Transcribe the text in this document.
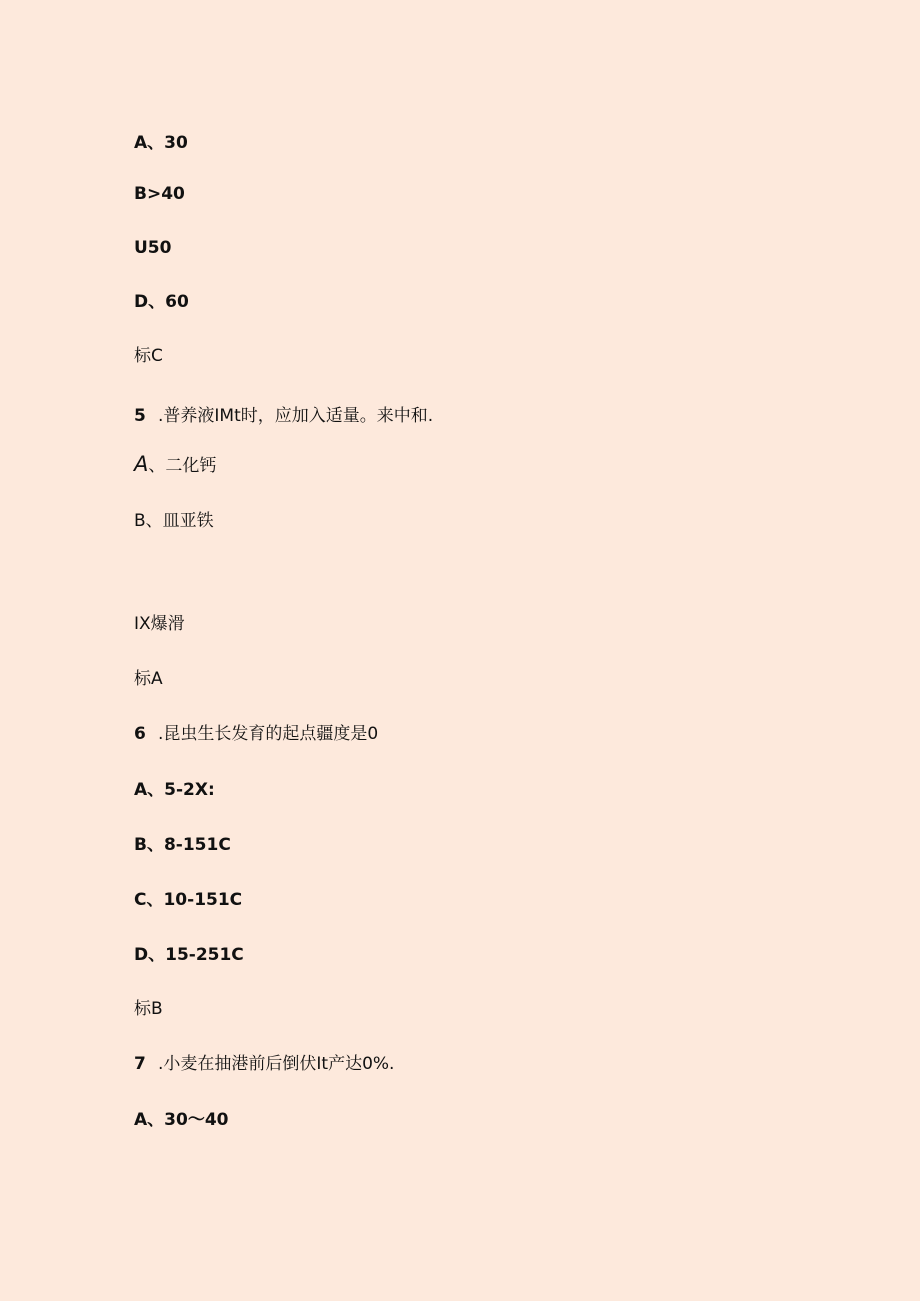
A、30
B>40
U50
D、60
标C
5 .普养液IMt时，应加入适量。来中和.
A、二化钙
B、皿亚铁
IX爆滑
标A
6 .昆虫生长发育的起点疆度是0
A、5-2X:
B、8-151C
C、10-151C
D、15-251C
标B
7 .小麦在抽港前后倒伏It产达0%.
A、30〜40
